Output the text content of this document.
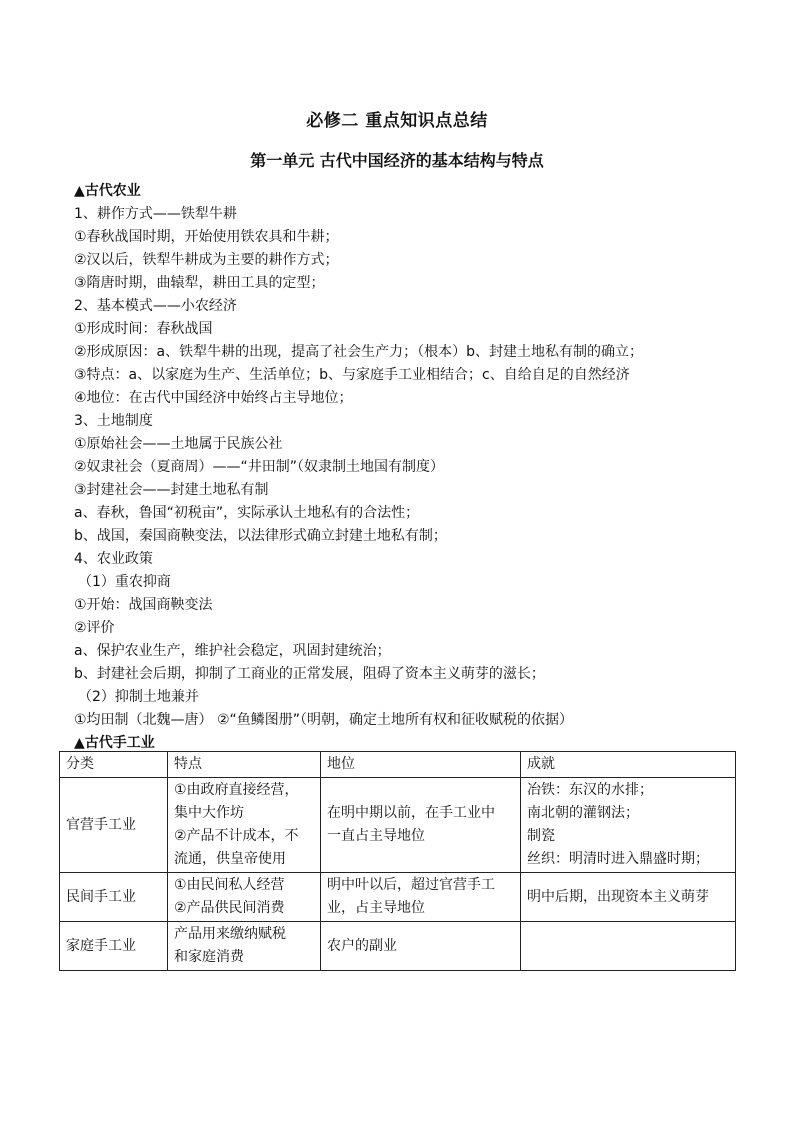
必修二 重点知识点总结
第一单元 古代中国经济的基本结构与特点
▲古代农业
1、耕作方式——铁犁牛耕
①春秋战国时期，开始使用铁农具和牛耕；
②汉以后，铁犁牛耕成为主要的耕作方式；
③隋唐时期，曲辕犁，耕田工具的定型；
2、基本模式——小农经济
①形成时间：春秋战国
②形成原因：a、铁犁牛耕的出现，提高了社会生产力；（根本）b、封建土地私有制的确立；
③特点：a、以家庭为生产、生活单位；b、与家庭手工业相结合；c、自给自足的自然经济
④地位：在古代中国经济中始终占主导地位；
3、土地制度
①原始社会——土地属于民族公社
②奴隶社会（夏商周）——“井田制”（奴隶制土地国有制度）
③封建社会——封建土地私有制
a、春秋，鲁国“初税亩”，实际承认土地私有的合法性；
b、战国，秦国商鞅变法，以法律形式确立封建土地私有制；
4、农业政策
（1）重农抑商
①开始：战国商鞅变法
②评价
a、保护农业生产，维护社会稳定，巩固封建统治；
b、封建社会后期，抑制了工商业的正常发展，阻碍了资本主义萌芽的滋长；
（2）抑制土地兼并
①均田制（北魏—唐） ②“鱼鳞图册”（明朝，确定土地所有权和征收赋税的依据）
▲古代手工业
分类	特点	地位	成就
官营手工业	①由政府直接经营，
集中大作坊
②产品不计成本，不
流通，供皇帝使用	在明中期以前，在手工业中
一直占主导地位	冶铁：东汉的水排；
南北朝的灌钢法；
制瓷
丝织：明清时进入鼎盛时期；

民间手工业	①由民间私人经营
②产品供民间消费	明中叶以后，超过官营手工
业，占主导地位	明中后期，出现资本主义萌芽

家庭手工业	产品用来缴纳赋税
和家庭消费	农户的副业	
